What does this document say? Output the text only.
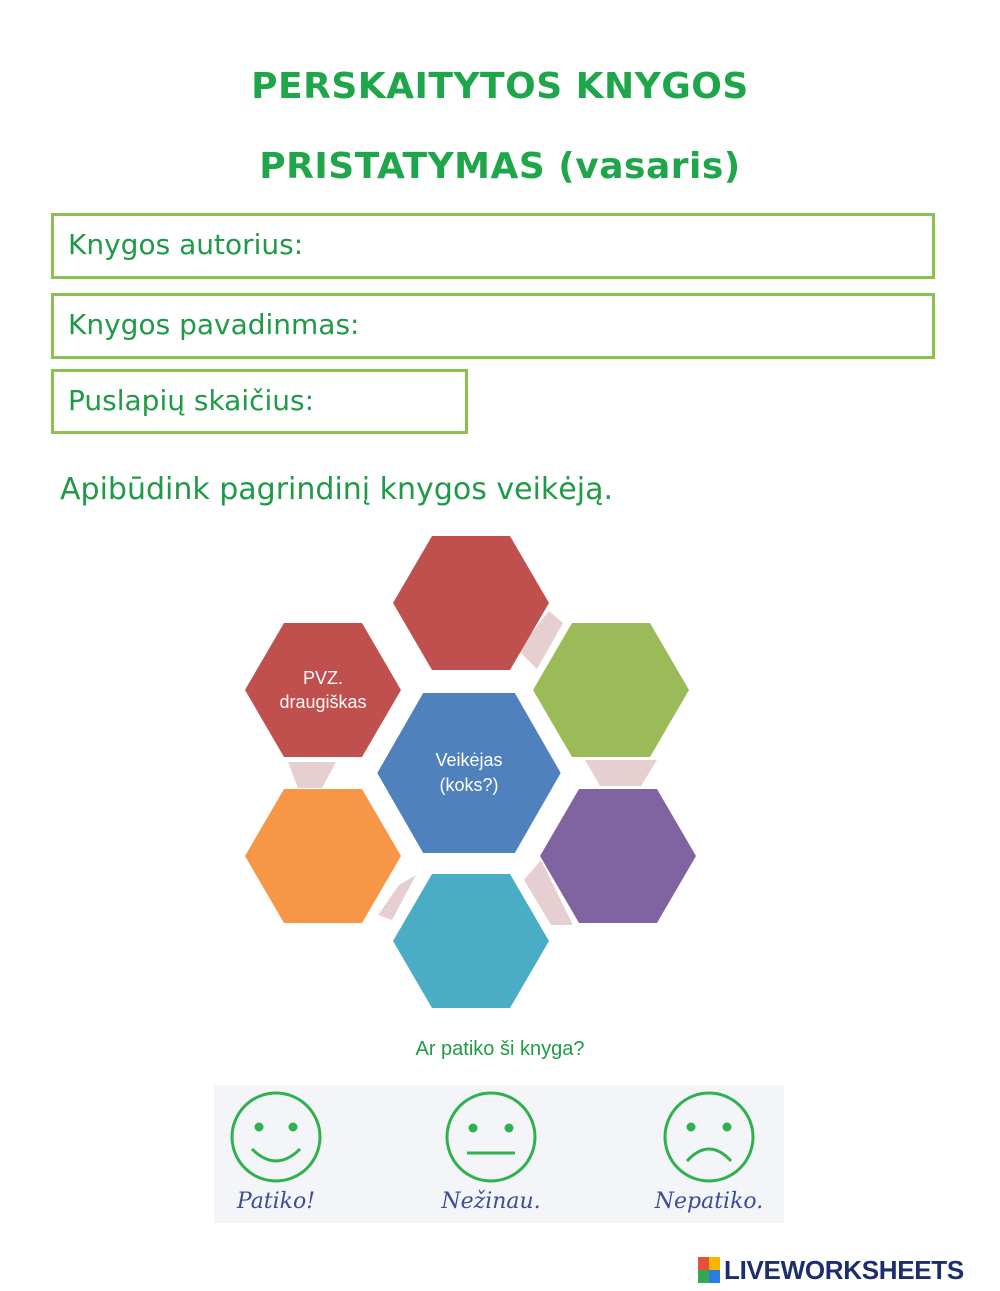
PERSKAITYTOS KNYGOS
PRISTATYMAS (vasaris)
Knygos autorius:
Knygos pavadinmas:
Puslapių skaičius:
Apibūdink pagrindinį knygos veikėją.
PVZ.
draugiškas
Veikėjas
(koks?)
Ar patiko ši knyga?
Patiko!	Nežinau.	Nepatiko.
LIVEWORKSHEETS
